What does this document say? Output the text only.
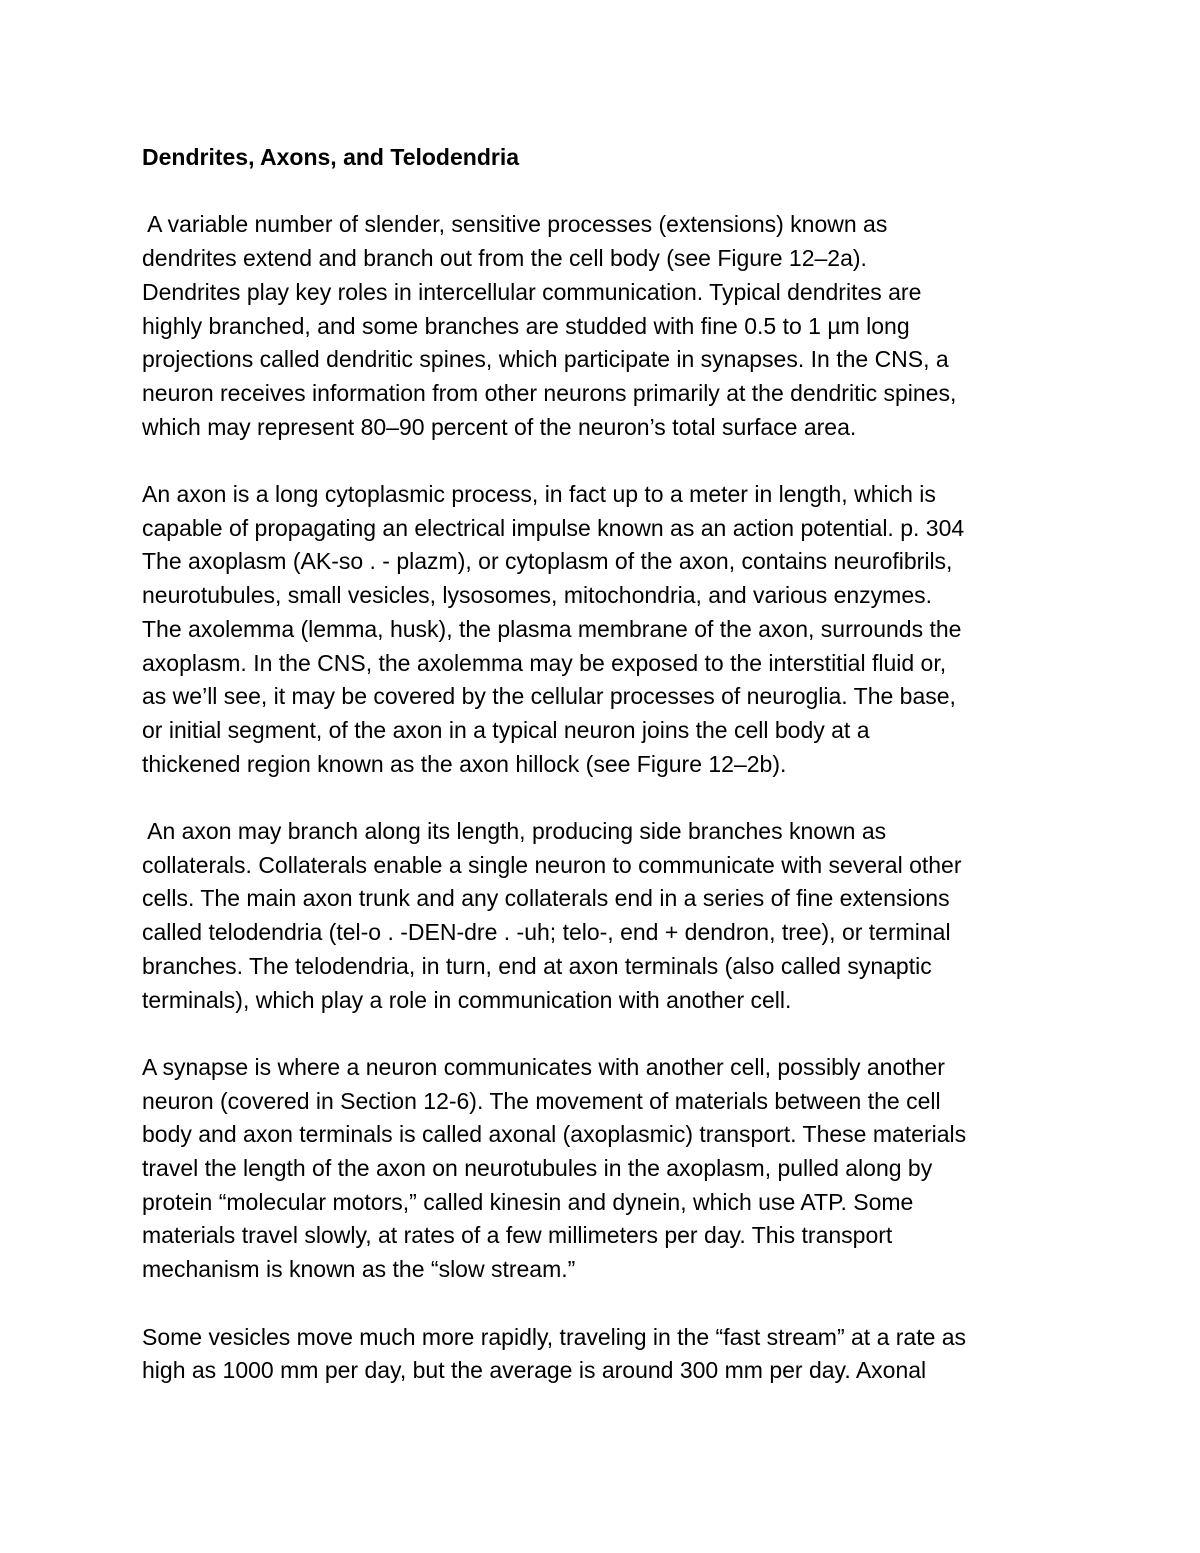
Dendrites, Axons, and Telodendria
A variable number of slender, sensitive processes (extensions) known as
dendrites extend and branch out from the cell body (see Figure 12–2a).
Dendrites play key roles in intercellular communication. Typical dendrites are
highly branched, and some branches are studded with fine 0.5 to 1 µm long
projections called dendritic spines, which participate in synapses. In the CNS, a
neuron receives information from other neurons primarily at the dendritic spines,
which may represent 80–90 percent of the neuron’s total surface area.
An axon is a long cytoplasmic process, in fact up to a meter in length, which is
capable of propagating an electrical impulse known as an action potential. p. 304
The axoplasm (AK-so . - plazm), or cytoplasm of the axon, contains neurofibrils,
neurotubules, small vesicles, lysosomes, mitochondria, and various enzymes.
The axolemma (lemma, husk), the plasma membrane of the axon, surrounds the
axoplasm. In the CNS, the axolemma may be exposed to the interstitial fluid or,
as we’ll see, it may be covered by the cellular processes of neuroglia. The base,
or initial segment, of the axon in a typical neuron joins the cell body at a
thickened region known as the axon hillock (see Figure 12–2b).
An axon may branch along its length, producing side branches known as
collaterals. Collaterals enable a single neuron to communicate with several other
cells. The main axon trunk and any collaterals end in a series of fine extensions
called telodendria (tel-o . -DEN-dre . -uh; telo-, end + dendron, tree), or terminal
branches. The telodendria, in turn, end at axon terminals (also called synaptic
terminals), which play a role in communication with another cell.
A synapse is where a neuron communicates with another cell, possibly another
neuron (covered in Section 12-6). The movement of materials between the cell
body and axon terminals is called axonal (axoplasmic) transport. These materials
travel the length of the axon on neurotubules in the axoplasm, pulled along by
protein “molecular motors,” called kinesin and dynein, which use ATP. Some
materials travel slowly, at rates of a few millimeters per day. This transport
mechanism is known as the “slow stream.”
Some vesicles move much more rapidly, traveling in the “fast stream” at a rate as
high as 1000 mm per day, but the average is around 300 mm per day. Axonal
